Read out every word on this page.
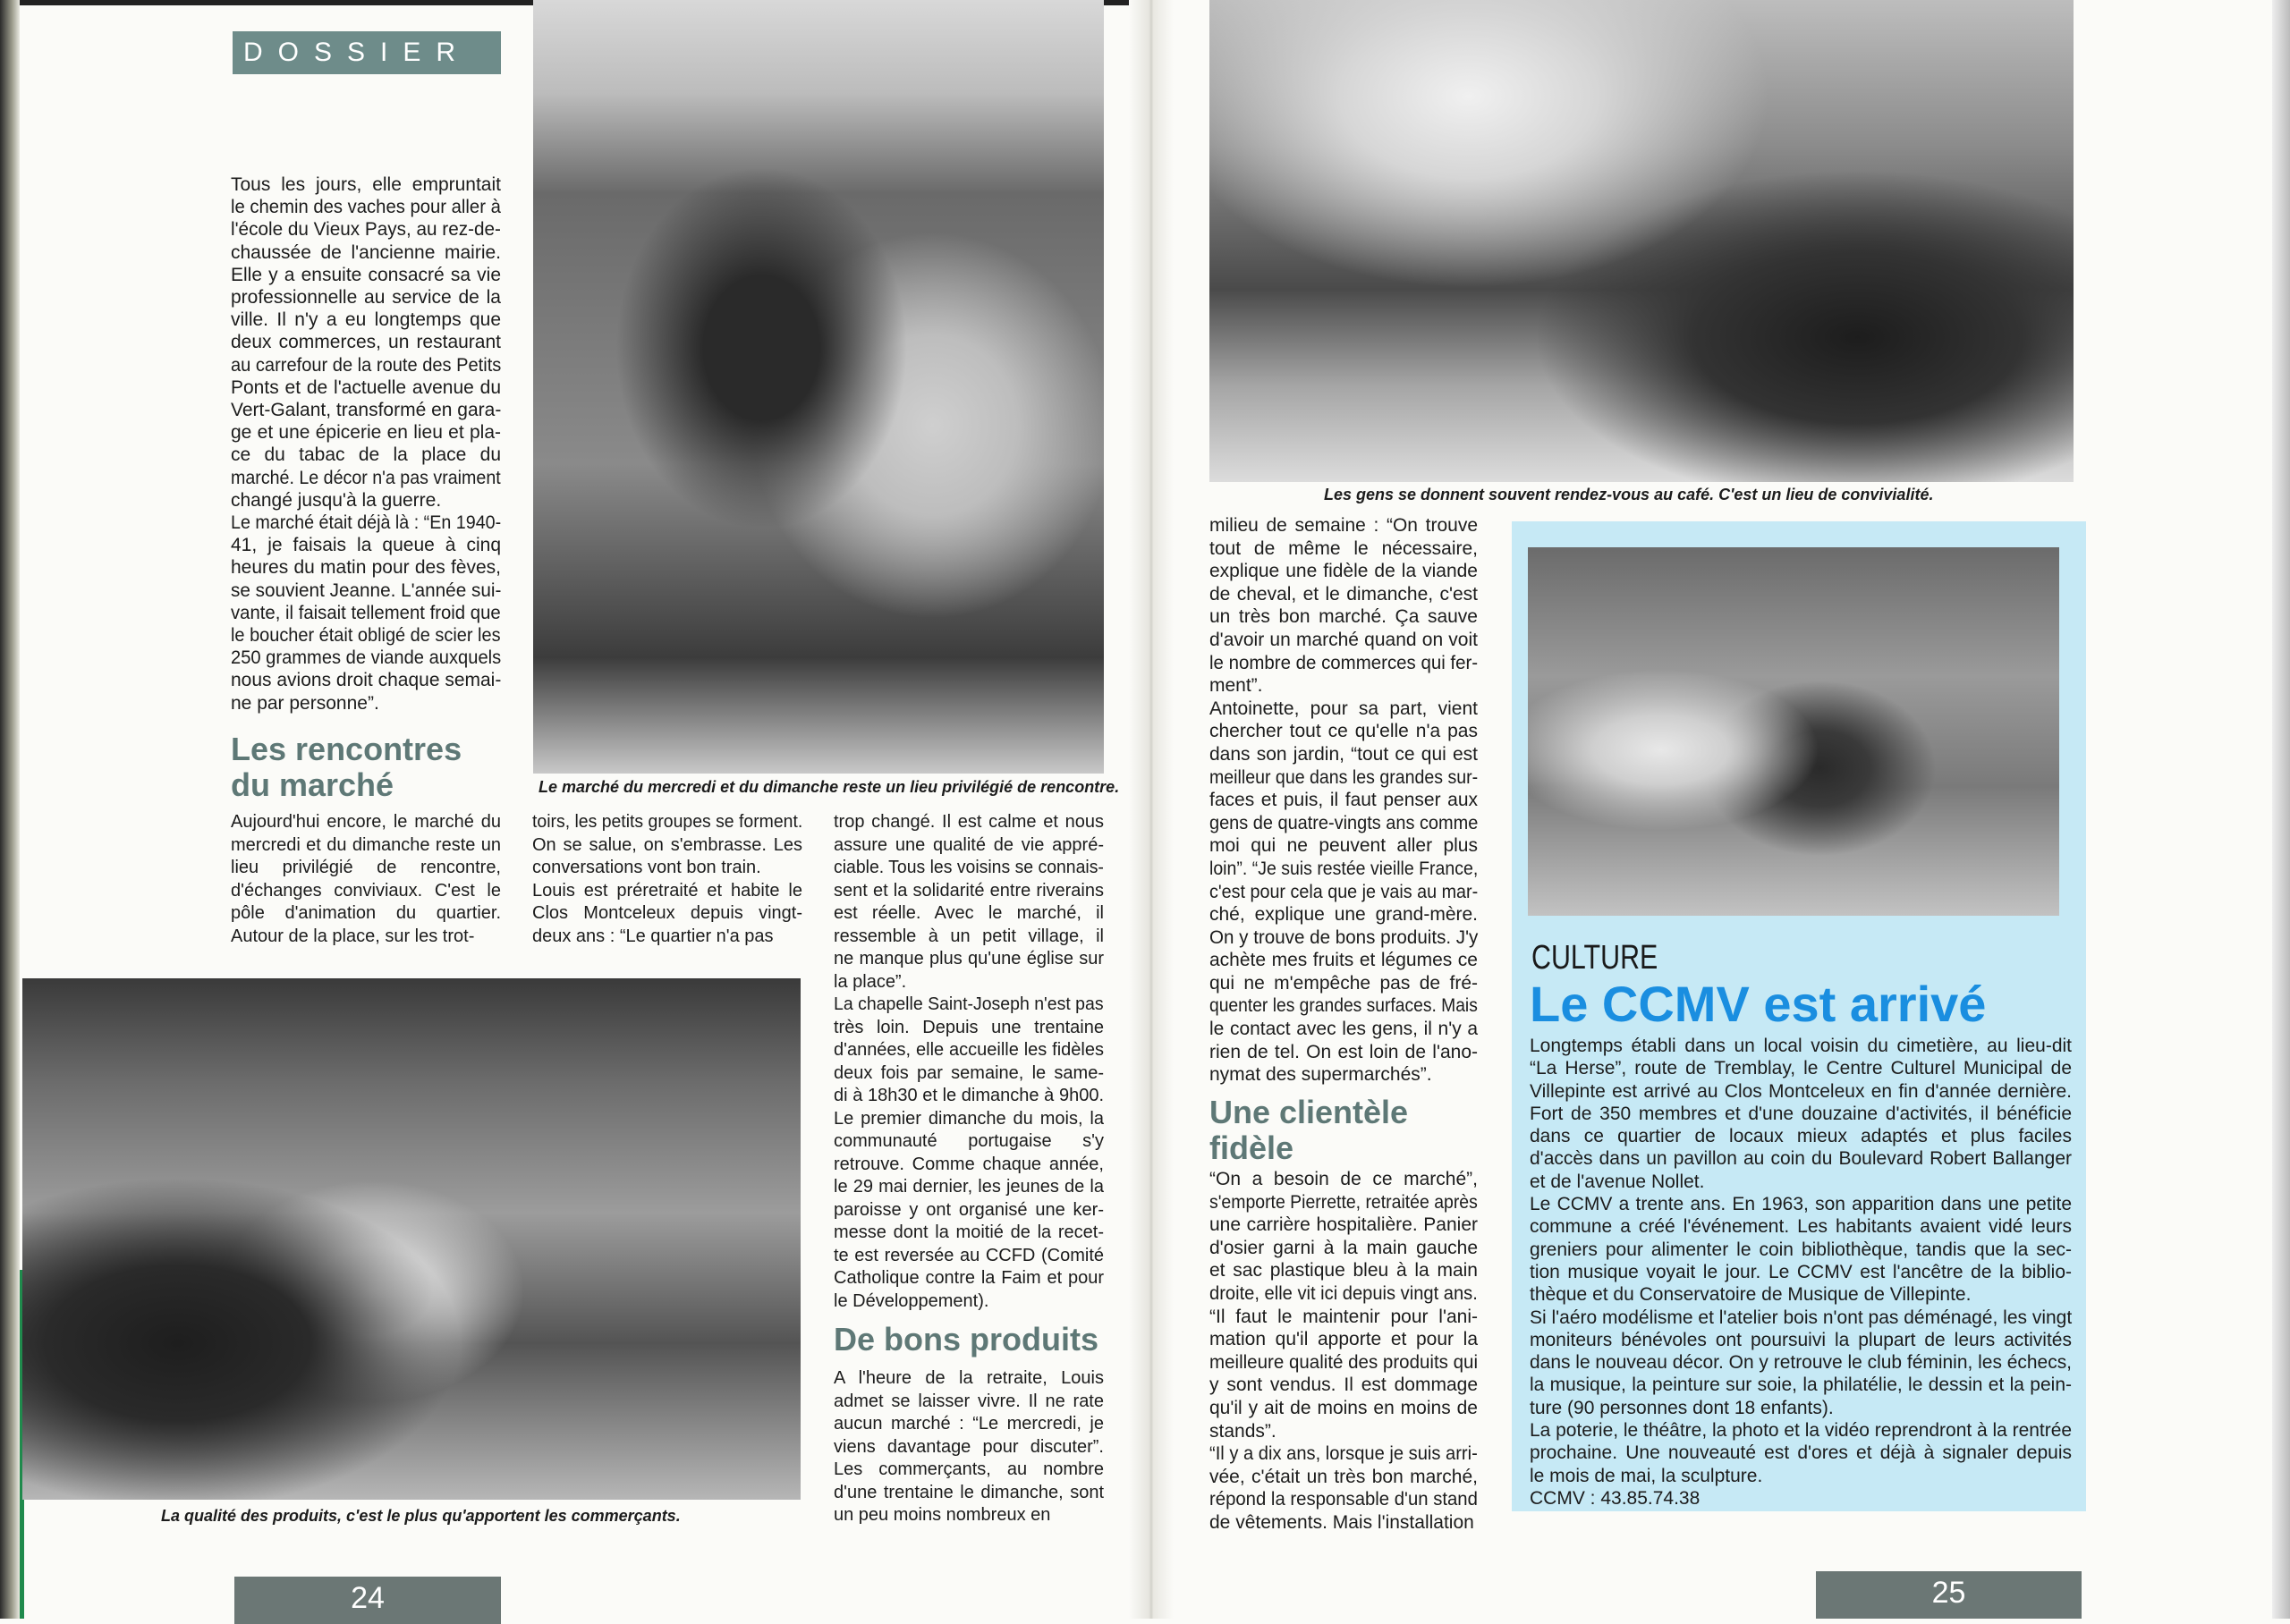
DOSSIER
Tous les jours, elle empruntait
le chemin des vaches pour aller à
l'école du Vieux Pays, au rez-de-
chaussée de l'ancienne mairie.
Elle y a ensuite consacré sa vie
professionnelle au service de la
ville. Il n'y a eu longtemps que
deux commerces, un restaurant
au carrefour de la route des Petits
Ponts et de l'actuelle avenue du
Vert-Galant, transformé en gara-
ge et une épicerie en lieu et pla-
ce du tabac de la place du
marché. Le décor n'a pas vraiment
changé jusqu'à la guerre.
Le marché était déjà là : “En 1940-
41, je faisais la queue à cinq
heures du matin pour des fèves,
se souvient Jeanne. L'année sui-
vante, il faisait tellement froid que
le boucher était obligé de scier les
250 grammes de viande auxquels
nous avions droit chaque semai-
ne par personne”.
Le marché du mercredi et du dimanche reste un lieu privilégié de rencontre.
Les rencontres du marché
Aujourd'hui encore, le marché du
mercredi et du dimanche reste un
lieu privilégié de rencontre,
d'échanges conviviaux. C'est le
pôle d'animation du quartier.
Autour de la place, sur les trot-
toirs, les petits groupes se forment.
On se salue, on s'embrasse. Les
conversations vont bon train.
Louis est préretraité et habite le
Clos Montceleux depuis vingt-
deux ans : “Le quartier n'a pas
trop changé. Il est calme et nous
assure une qualité de vie appré-
ciable. Tous les voisins se connais-
sent et la solidarité entre riverains
est réelle. Avec le marché, il
ressemble à un petit village, il
ne manque plus qu'une église sur
la place”.
La chapelle Saint-Joseph n'est pas
très loin. Depuis une trentaine
d'années, elle accueille les fidèles
deux fois par semaine, le same-
di à 18h30 et le dimanche à 9h00.
Le premier dimanche du mois, la
communauté portugaise s'y
retrouve. Comme chaque année,
le 29 mai dernier, les jeunes de la
paroisse y ont organisé une ker-
messe dont la moitié de la recet-
te est reversée au CCFD (Comité
Catholique contre la Faim et pour
le Développement).
De bons produits
A l'heure de la retraite, Louis
admet se laisser vivre. Il ne rate
aucun marché : “Le mercredi, je
viens davantage pour discuter”.
Les commerçants, au nombre
d'une trentaine le dimanche, sont
un peu moins nombreux en
La qualité des produits, c'est le plus qu'apportent les commerçants.
24
Les gens se donnent souvent rendez-vous au café. C'est un lieu de convivialité.
milieu de semaine : “On trouve
tout de même le nécessaire,
explique une fidèle de la viande
de cheval, et le dimanche, c'est
un très bon marché. Ça sauve
d'avoir un marché quand on voit
le nombre de commerces qui fer-
ment”.
Antoinette, pour sa part, vient
chercher tout ce qu'elle n'a pas
dans son jardin, “tout ce qui est
meilleur que dans les grandes sur-
faces et puis, il faut penser aux
gens de quatre-vingts ans comme
moi qui ne peuvent aller plus
loin”. “Je suis restée vieille France,
c'est pour cela que je vais au mar-
ché, explique une grand-mère.
On y trouve de bons produits. J'y
achète mes fruits et légumes ce
qui ne m'empêche pas de fré-
quenter les grandes surfaces. Mais
le contact avec les gens, il n'y a
rien de tel. On est loin de l'ano-
nymat des supermarchés”.
Une clientèle fidèle
“On a besoin de ce marché”,
s'emporte Pierrette, retraitée après
une carrière hospitalière. Panier
d'osier garni à la main gauche
et sac plastique bleu à la main
droite, elle vit ici depuis vingt ans.
“Il faut le maintenir pour l'ani-
mation qu'il apporte et pour la
meilleure qualité des produits qui
y sont vendus. Il est dommage
qu'il y ait de moins en moins de
stands”.
“Il y a dix ans, lorsque je suis arri-
vée, c'était un très bon marché,
répond la responsable d'un stand
de vêtements. Mais l'installation
CULTURE
Le CCMV est arrivé
Longtemps établi dans un local voisin du cimetière, au lieu-dit
“La Herse”, route de Tremblay, le Centre Culturel Municipal de
Villepinte est arrivé au Clos Montceleux en fin d'année dernière.
Fort de 350 membres et d'une douzaine d'activités, il bénéficie
dans ce quartier de locaux mieux adaptés et plus faciles
d'accès dans un pavillon au coin du Boulevard Robert Ballanger
et de l'avenue Nollet.
Le CCMV a trente ans. En 1963, son apparition dans une petite
commune a créé l'événement. Les habitants avaient vidé leurs
greniers pour alimenter le coin bibliothèque, tandis que la sec-
tion musique voyait le jour. Le CCMV est l'ancêtre de la biblio-
thèque et du Conservatoire de Musique de Villepinte.
Si l'aéro modélisme et l'atelier bois n'ont pas déménagé, les vingt
moniteurs bénévoles ont poursuivi la plupart de leurs activités
dans le nouveau décor. On y retrouve le club féminin, les échecs,
la musique, la peinture sur soie, la philatélie, le dessin et la pein-
ture (90 personnes dont 18 enfants).
La poterie, le théâtre, la photo et la vidéo reprendront à la rentrée
prochaine. Une nouveauté est d'ores et déjà à signaler depuis
le mois de mai, la sculpture.
CCMV : 43.85.74.38
25
